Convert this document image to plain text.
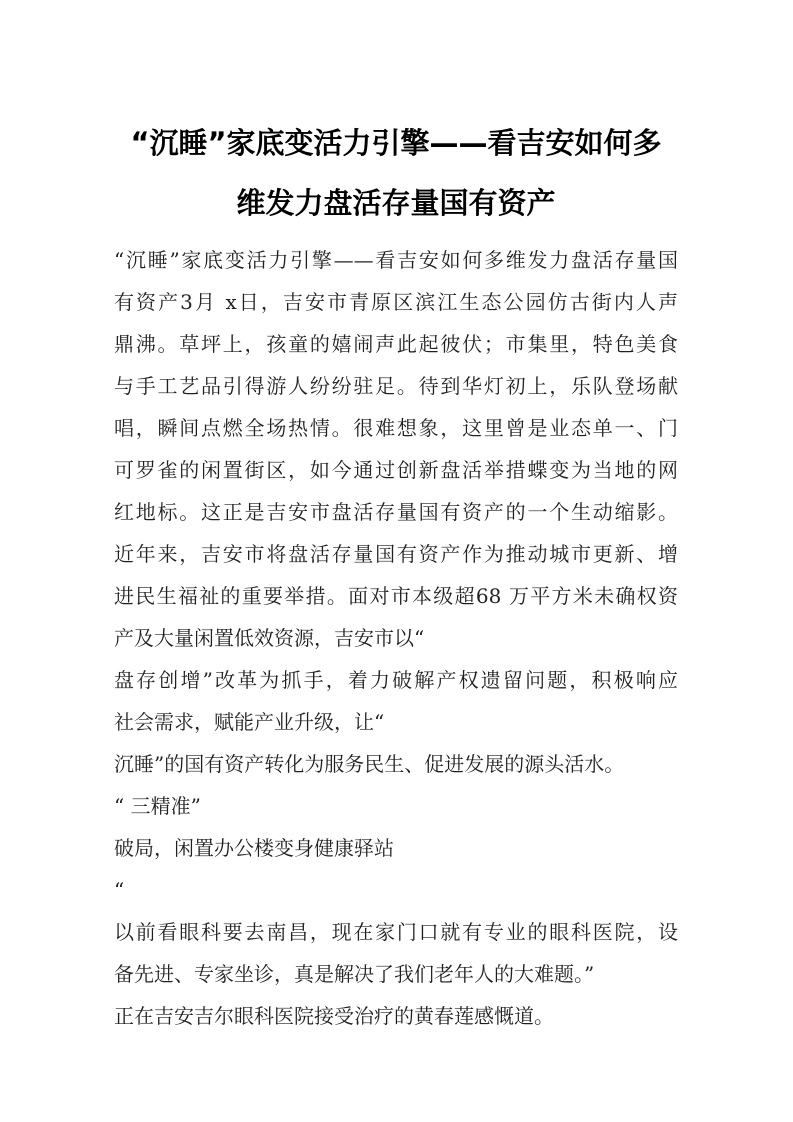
“沉睡”家底变活力引擎——看吉安如何多
维发力盘活存量国有资产
“沉睡”家底变活力引擎——看吉安如何多维发力盘活存量国
有资产3月 x日，吉安市青原区滨江生态公园仿古街内人声
鼎沸。草坪上，孩童的嬉闹声此起彼伏；市集里，特色美食
与手工艺品引得游人纷纷驻足。待到华灯初上，乐队登场献
唱，瞬间点燃全场热情。很难想象，这里曾是业态单一、门
可罗雀的闲置街区，如今通过创新盘活举措蝶变为当地的网
红地标。这正是吉安市盘活存量国有资产的一个生动缩影。
近年来，吉安市将盘活存量国有资产作为推动城市更新、增
进民生福祉的重要举措。面对市本级超68 万平方米未确权资
产及大量闲置低效资源，吉安市以“
盘存创增”改革为抓手，着力破解产权遗留问题，积极响应
社会需求，赋能产业升级，让“
沉睡”的国有资产转化为服务民生、促进发展的源头活水。
“ 三精准”
破局，闲置办公楼变身健康驿站
“
以前看眼科要去南昌，现在家门口就有专业的眼科医院，设
备先进、专家坐诊，真是解决了我们老年人的大难题。”
正在吉安吉尔眼科医院接受治疗的黄春莲感慨道。
